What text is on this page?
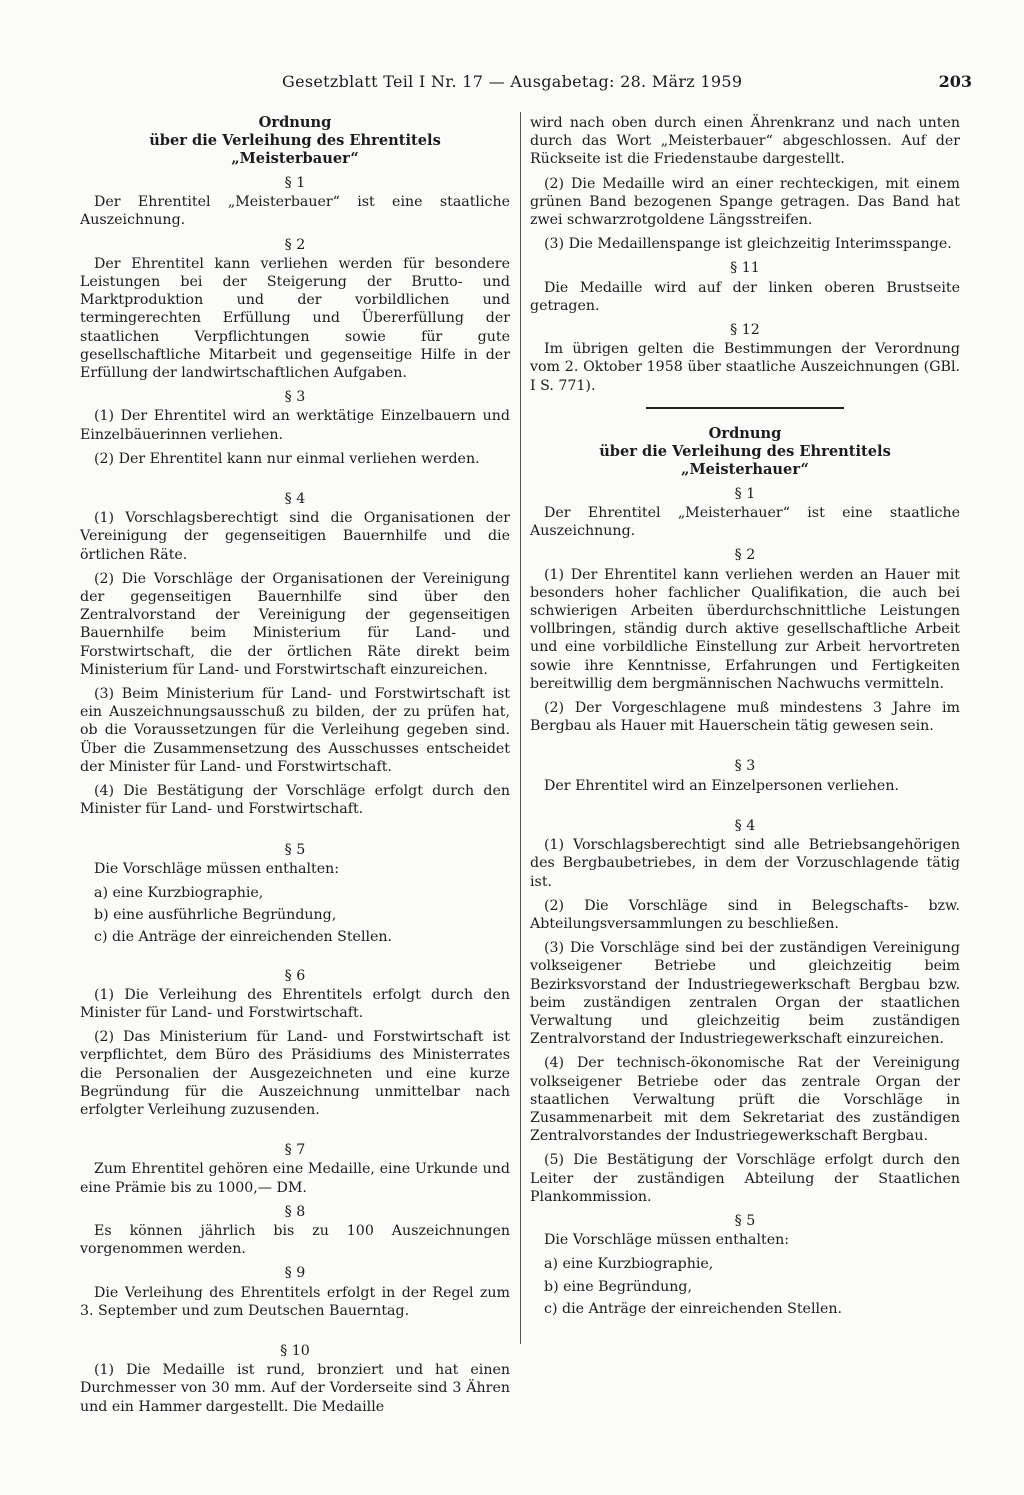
Gesetzblatt Teil I Nr. 17 — Ausgabetag: 28. März 1959	203
Ordnung
über die Verleihung des Ehrentitels
„Meisterbauer“
§ 1
Der Ehrentitel „Meisterbauer“ ist eine staatliche Auszeichnung.
§ 2
Der Ehrentitel kann verliehen werden für besondere Leistungen bei der Steigerung der Brutto- und Marktproduktion und der vorbildlichen und termingerechten Erfüllung und Übererfüllung der staatlichen Verpflichtungen sowie für gute gesellschaftliche Mitarbeit und gegenseitige Hilfe in der Erfüllung der landwirtschaftlichen Aufgaben.
§ 3
(1) Der Ehrentitel wird an werktätige Einzelbauern und Einzelbäuerinnen verliehen.
(2) Der Ehrentitel kann nur einmal verliehen werden.
§ 4
(1) Vorschlagsberechtigt sind die Organisationen der Vereinigung der gegenseitigen Bauernhilfe und die örtlichen Räte.
(2) Die Vorschläge der Organisationen der Vereinigung der gegenseitigen Bauernhilfe sind über den Zentralvorstand der Vereinigung der gegenseitigen Bauernhilfe beim Ministerium für Land- und Forstwirtschaft, die der örtlichen Räte direkt beim Ministerium für Land- und Forstwirtschaft einzureichen.
(3) Beim Ministerium für Land- und Forstwirtschaft ist ein Auszeichnungsausschuß zu bilden, der zu prüfen hat, ob die Voraussetzungen für die Verleihung gegeben sind. Über die Zusammensetzung des Ausschusses entscheidet der Minister für Land- und Forstwirtschaft.
(4) Die Bestätigung der Vorschläge erfolgt durch den Minister für Land- und Forstwirtschaft.
§ 5
Die Vorschläge müssen enthalten:
a) eine Kurzbiographie,
b) eine ausführliche Begründung,
c) die Anträge der einreichenden Stellen.
§ 6
(1) Die Verleihung des Ehrentitels erfolgt durch den Minister für Land- und Forstwirtschaft.
(2) Das Ministerium für Land- und Forstwirtschaft ist verpflichtet, dem Büro des Präsidiums des Ministerrates die Personalien der Ausgezeichneten und eine kurze Begründung für die Auszeichnung unmittelbar nach erfolgter Verleihung zuzusenden.
§ 7
Zum Ehrentitel gehören eine Medaille, eine Urkunde und eine Prämie bis zu 1000,— DM.
§ 8
Es können jährlich bis zu 100 Auszeichnungen vorgenommen werden.
§ 9
Die Verleihung des Ehrentitels erfolgt in der Regel zum 3. September und zum Deutschen Bauerntag.
§ 10
(1) Die Medaille ist rund, bronziert und hat einen Durchmesser von 30 mm. Auf der Vorderseite sind 3 Ähren und ein Hammer dargestellt. Die Medaille
wird nach oben durch einen Ährenkranz und nach unten durch das Wort „Meisterbauer“ abgeschlossen. Auf der Rückseite ist die Friedenstaube dargestellt.
(2) Die Medaille wird an einer rechteckigen, mit einem grünen Band bezogenen Spange getragen. Das Band hat zwei schwarzrotgoldene Längsstreifen.
(3) Die Medaillenspange ist gleichzeitig Interimsspange.
§ 11
Die Medaille wird auf der linken oberen Brustseite getragen.
§ 12
Im übrigen gelten die Bestimmungen der Verordnung vom 2. Oktober 1958 über staatliche Auszeichnungen (GBl. I S. 771).
Ordnung
über die Verleihung des Ehrentitels
„Meisterhauer“
§ 1
Der Ehrentitel „Meisterhauer“ ist eine staatliche Auszeichnung.
§ 2
(1) Der Ehrentitel kann verliehen werden an Hauer mit besonders hoher fachlicher Qualifikation, die auch bei schwierigen Arbeiten überdurchschnittliche Leistungen vollbringen, ständig durch aktive gesellschaftliche Arbeit und eine vorbildliche Einstellung zur Arbeit hervortreten sowie ihre Kenntnisse, Erfahrungen und Fertigkeiten bereitwillig dem bergmännischen Nachwuchs vermitteln.
(2) Der Vorgeschlagene muß mindestens 3 Jahre im Bergbau als Hauer mit Hauerschein tätig gewesen sein.
§ 3
Der Ehrentitel wird an Einzelpersonen verliehen.
§ 4
(1) Vorschlagsberechtigt sind alle Betriebsangehörigen des Bergbaubetriebes, in dem der Vorzuschlagende tätig ist.
(2) Die Vorschläge sind in Belegschafts- bzw. Abteilungsversammlungen zu beschließen.
(3) Die Vorschläge sind bei der zuständigen Vereinigung volkseigener Betriebe und gleichzeitig beim Bezirksvorstand der Industriegewerkschaft Bergbau bzw. beim zuständigen zentralen Organ der staatlichen Verwaltung und gleichzeitig beim zuständigen Zentralvorstand der Industriegewerkschaft einzureichen.
(4) Der technisch-ökonomische Rat der Vereinigung volkseigener Betriebe oder das zentrale Organ der staatlichen Verwaltung prüft die Vorschläge in Zusammenarbeit mit dem Sekretariat des zuständigen Zentralvorstandes der Industriegewerkschaft Bergbau.
(5) Die Bestätigung der Vorschläge erfolgt durch den Leiter der zuständigen Abteilung der Staatlichen Plankommission.
§ 5
Die Vorschläge müssen enthalten:
a) eine Kurzbiographie,
b) eine Begründung,
c) die Anträge der einreichenden Stellen.
